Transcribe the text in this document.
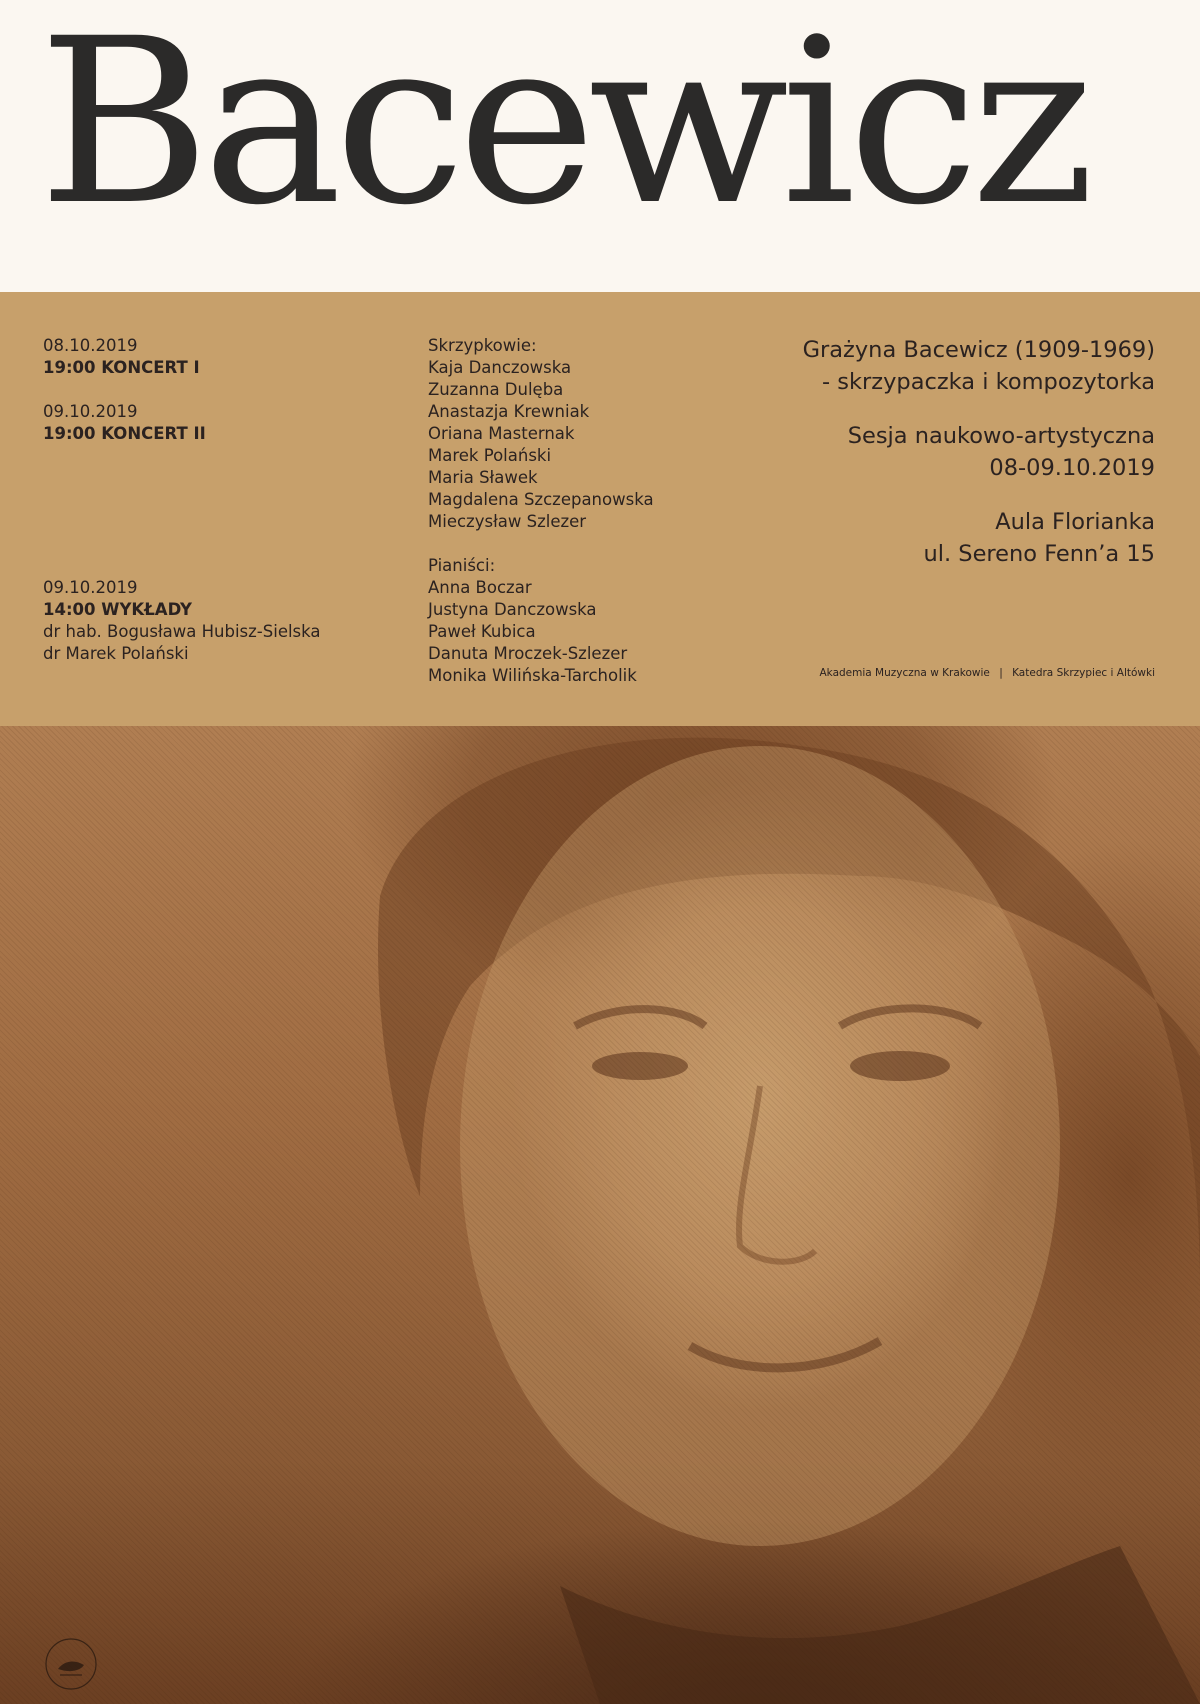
Bacewicz
08.10.2019
19:00 KONCERT I
09.10.2019
19:00 KONCERT II
09.10.2019
14:00 WYKŁADY
dr hab. Bogusława Hubisz-Sielska
dr Marek Polański
Skrzypkowie:
Kaja Danczowska
Zuzanna Dulęba
Anastazja Krewniak
Oriana Masternak
Marek Polański
Maria Sławek
Magdalena Szczepanowska
Mieczysław Szlezer
Pianiści:
Anna Boczar
Justyna Danczowska
Paweł Kubica
Danuta Mroczek-Szlezer
Monika Wilińska-Tarcholik
Grażyna Bacewicz (1909-1969)
- skrzypaczka i kompozytorka
Sesja naukowo-artystyczna
08-09.10.2019
Aula Florianka
ul. Sereno Fenn’a 15
Akademia Muzyczna w Krakowie | Katedra Skrzypiec i Altówki
